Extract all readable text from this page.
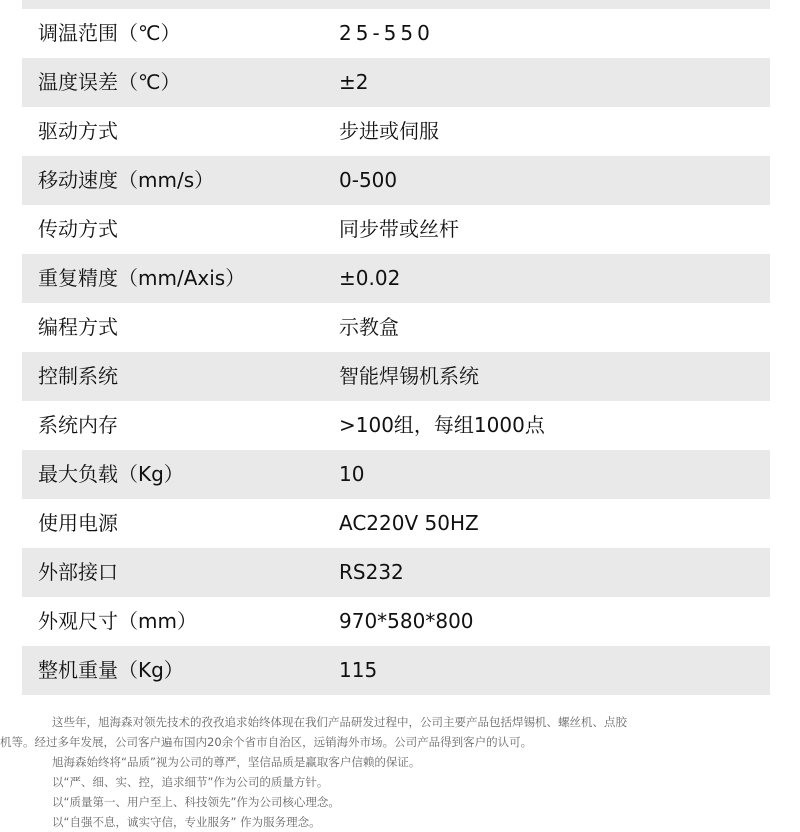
调温范围（℃）	25-550
温度误差（℃）	±2
驱动方式	步进或伺服
移动速度（mm/s）	0-500
传动方式	同步带或丝杆
重复精度（mm/Axis）	±0.02
编程方式	示教盒
控制系统	智能焊锡机系统
系统内存	>100组，每组1000点
最大负载（Kg）	10
使用电源	AC220V 50HZ
外部接口	RS232
外观尺寸（mm）	970*580*800
整机重量（Kg）	115
这些年，旭海森对领先技术的孜孜追求始终体现在我们产品研发过程中，公司主要产品包括焊锡机、螺丝机、点胶
机等。经过多年发展，公司客户遍布国内20余个省市自治区，远销海外市场。公司产品得到客户的认可。
旭海森始终将“品质”视为公司的尊严，坚信品质是赢取客户信赖的保证。
以“严、细、实、控，追求细节”作为公司的质量方针。
以“质量第一、用户至上、科技领先”作为公司核心理念。
以“自强不息，诚实守信，专业服务” 作为服务理念。
